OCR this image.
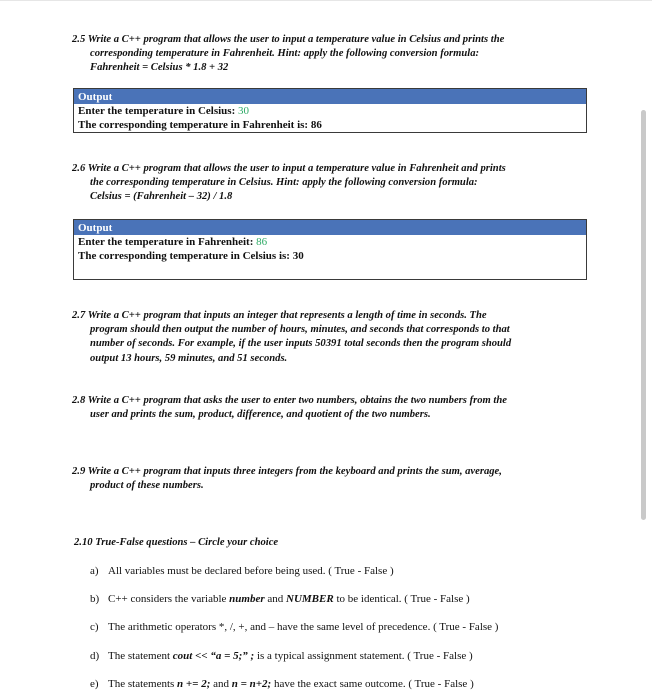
2.5 Write a C++ program that allows the user to input a temperature value in Celsius and prints the
corresponding temperature in Fahrenheit. Hint: apply the following conversion formula:
Fahrenheit = Celsius * 1.8 + 32
Output
Enter the temperature in Celsius: 30
The corresponding temperature in Fahrenheit is: 86
2.6 Write a C++ program that allows the user to input a temperature value in Fahrenheit and prints
the corresponding temperature in Celsius. Hint: apply the following conversion formula:
Celsius = (Fahrenheit – 32) / 1.8
Output
Enter the temperature in Fahrenheit: 86
The corresponding temperature in Celsius is: 30
2.7 Write a C++ program that inputs an integer that represents a length of time in seconds. The
program should then output the number of hours, minutes, and seconds that corresponds to that
number of seconds. For example, if the user inputs 50391 total seconds then the program should
output 13 hours, 59 minutes, and 51 seconds.
2.8 Write a C++ program that asks the user to enter two numbers, obtains the two numbers from the
user and prints the sum, product, difference, and quotient of the two numbers.
2.9 Write a C++ program that inputs three integers from the keyboard and prints the sum, average,
product of these numbers.
2.10 True-False questions – Circle your choice
a) All variables must be declared before being used. ( True - False )
b) C++ considers the variable number and NUMBER to be identical. ( True - False )
c) The arithmetic operators *, /, +, and – have the same level of precedence. ( True - False )
d) The statement cout << “a = 5;” ; is a typical assignment statement. ( True - False )
e) The statements n += 2; and n = n+2; have the exact same outcome. ( True - False )
